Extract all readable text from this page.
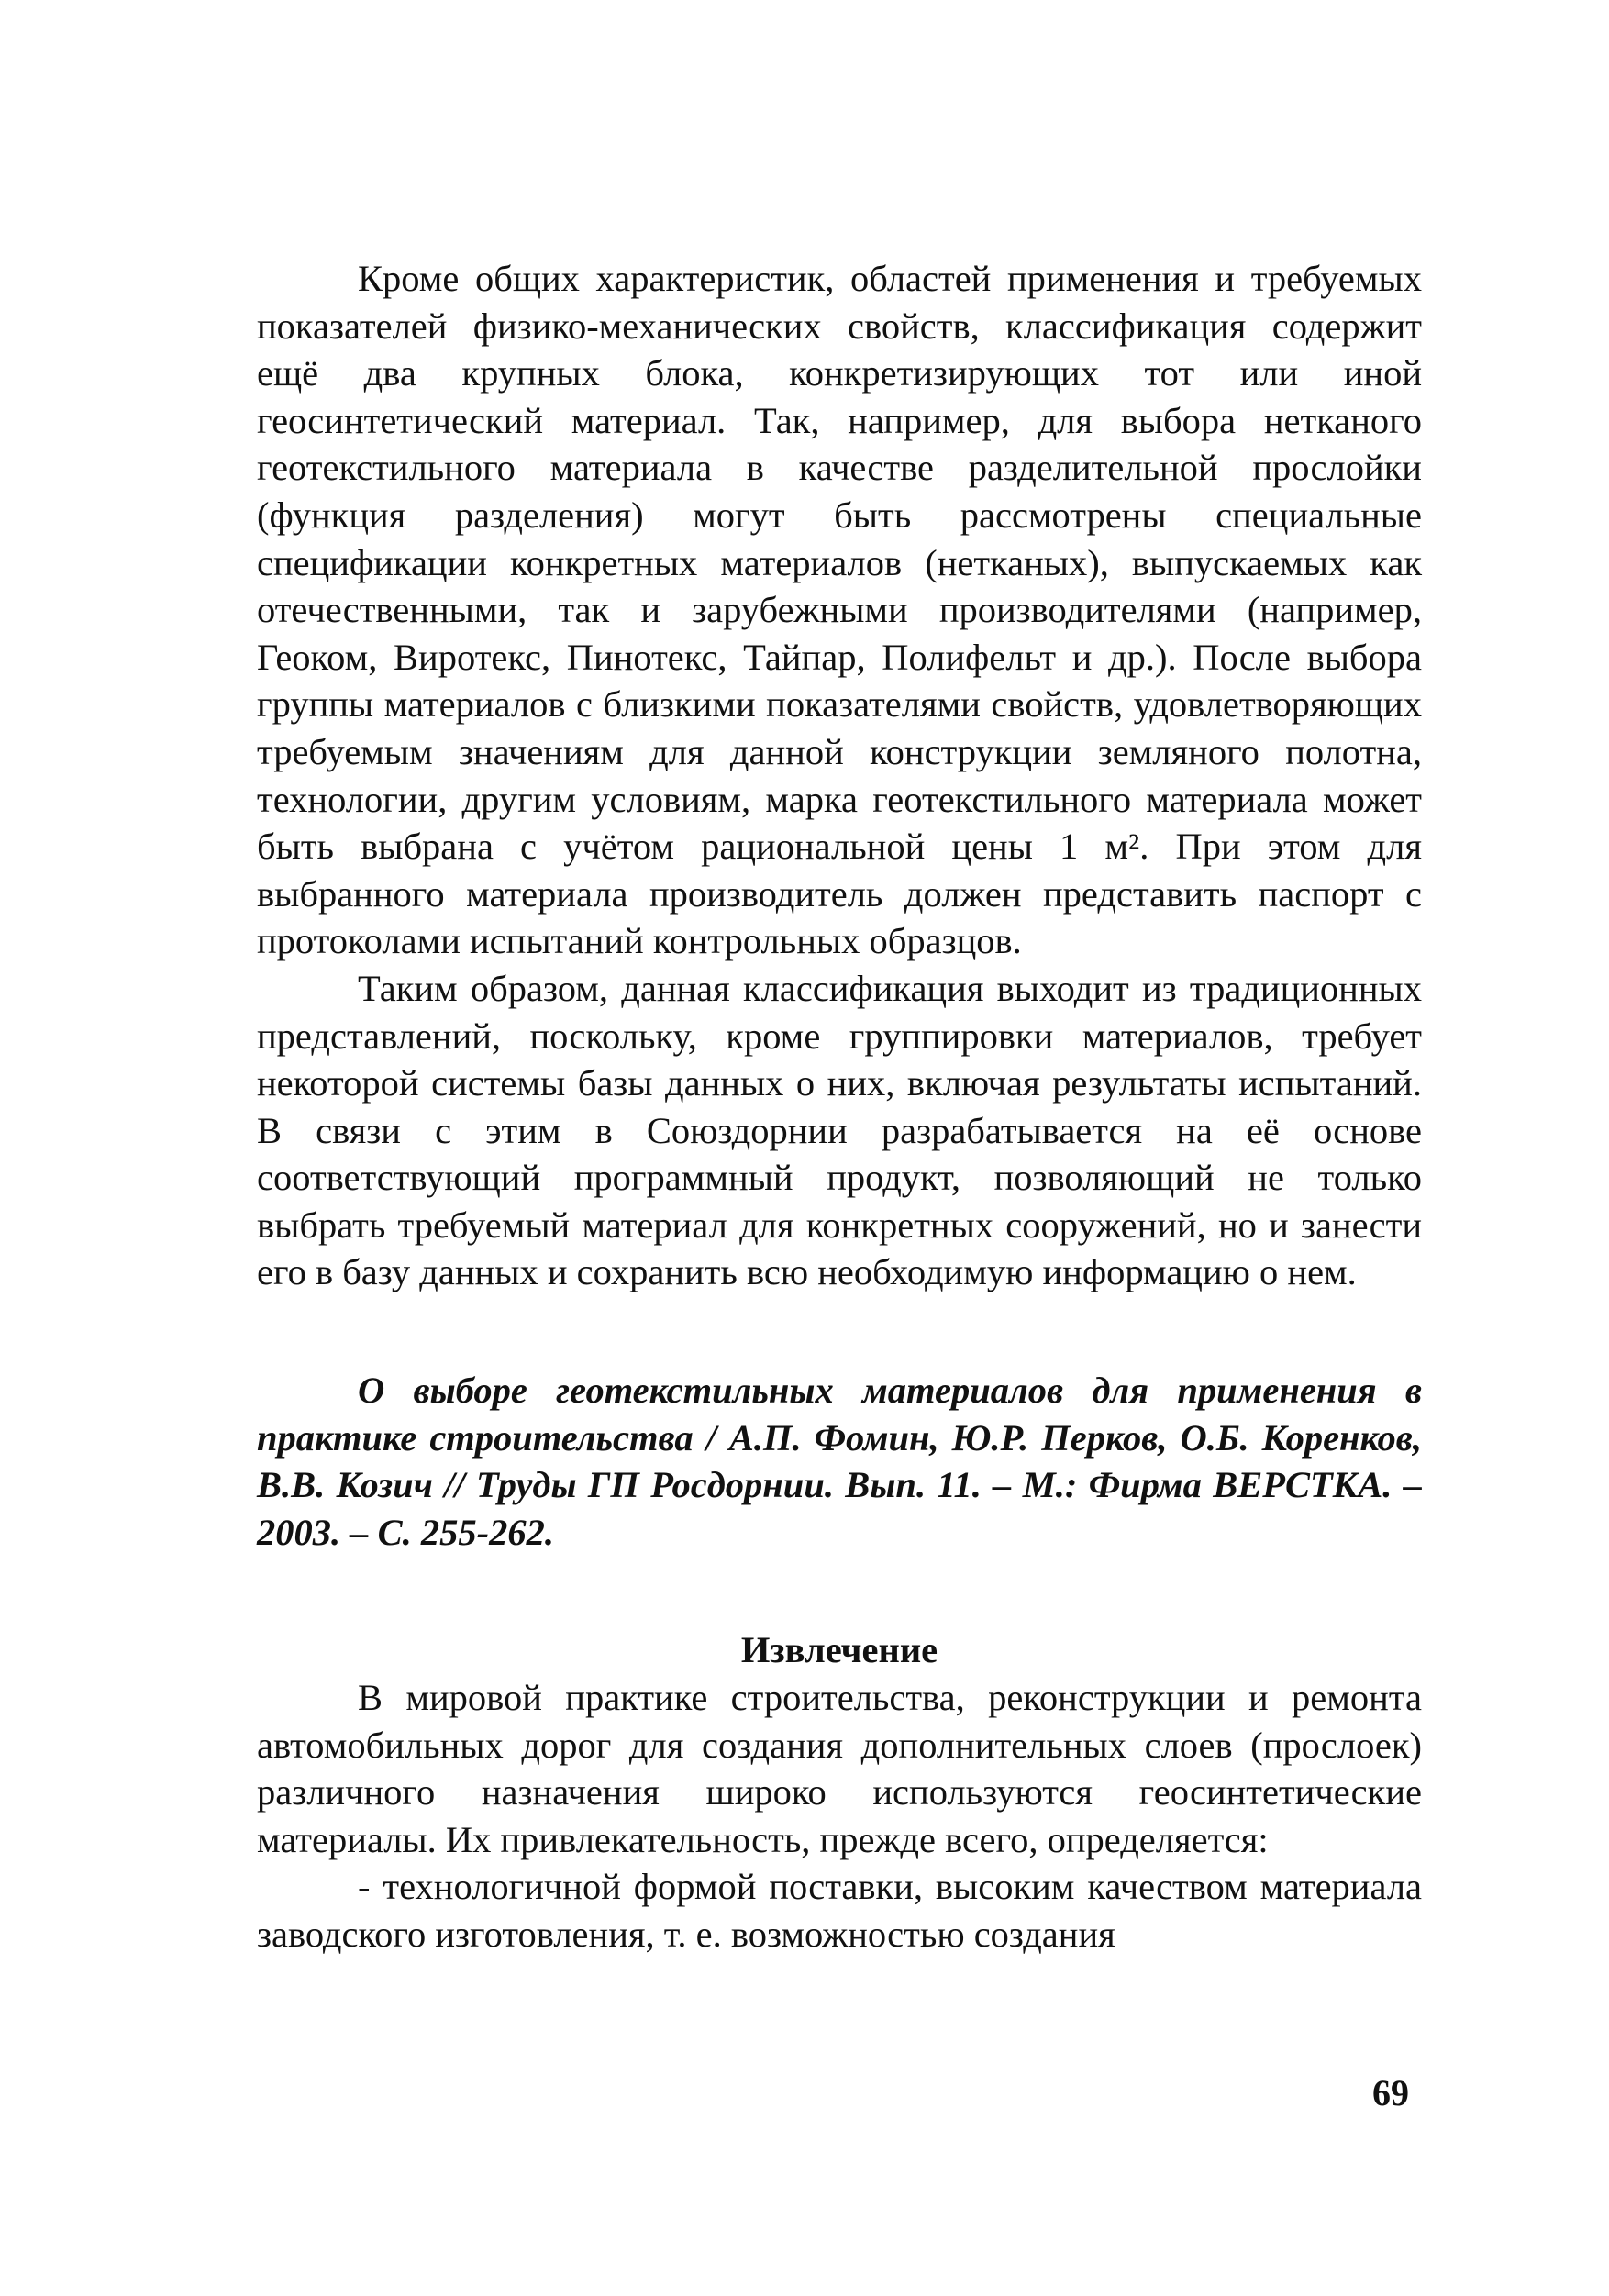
Кроме общих характеристик, областей применения и требуемых показателей физико-механических свойств, классификация содержит ещё два крупных блока, конкретизирующих тот или иной геосинтетический материал. Так, например, для выбора нетканого геотекстильного материала в качестве разделительной прослойки (функция разделения) могут быть рассмотрены специальные спецификации конкретных материалов (нетканых), выпускаемых как отечественными, так и зарубежными производителями (например, Геоком, Виротекс, Пинотекс, Тайпар, Полифельт и др.). После выбора группы материалов с близкими показателями свойств, удовлетворяющих требуемым значениям для данной конструкции земляного полотна, технологии, другим условиям, марка геотекстильного материала может быть выбрана с учётом рациональной цены 1 м². При этом для выбранного материала производитель должен представить паспорт с протоколами испытаний контрольных образцов.

Таким образом, данная классификация выходит из традиционных представлений, поскольку, кроме группировки материалов, требует некоторой системы базы данных о них, включая результаты испытаний. В связи с этим в Союздорнии разрабатывается на её основе соответствующий программный продукт, позволяющий не только выбрать требуемый материал для конкретных сооружений, но и занести его в базу данных и сохранить всю необходимую информацию о нем.

О выборе геотекстильных материалов для применения в практике строительства / А.П. Фомин, Ю.Р. Перков, О.Б. Коренков, В.В. Козич // Труды ГП Росдорнии. Вып. 11. – М.: Фирма ВЕРСТКА. – 2003. – С. 255-262.

Извлечение

В мировой практике строительства, реконструкции и ремонта автомобильных дорог для создания дополнительных слоев (прослоек) различного назначения широко используются геосинтетические материалы. Их привлекательность, прежде всего, определяется:

- технологичной формой поставки, высоким качеством материала заводского изготовления, т. е. возможностью создания

69
